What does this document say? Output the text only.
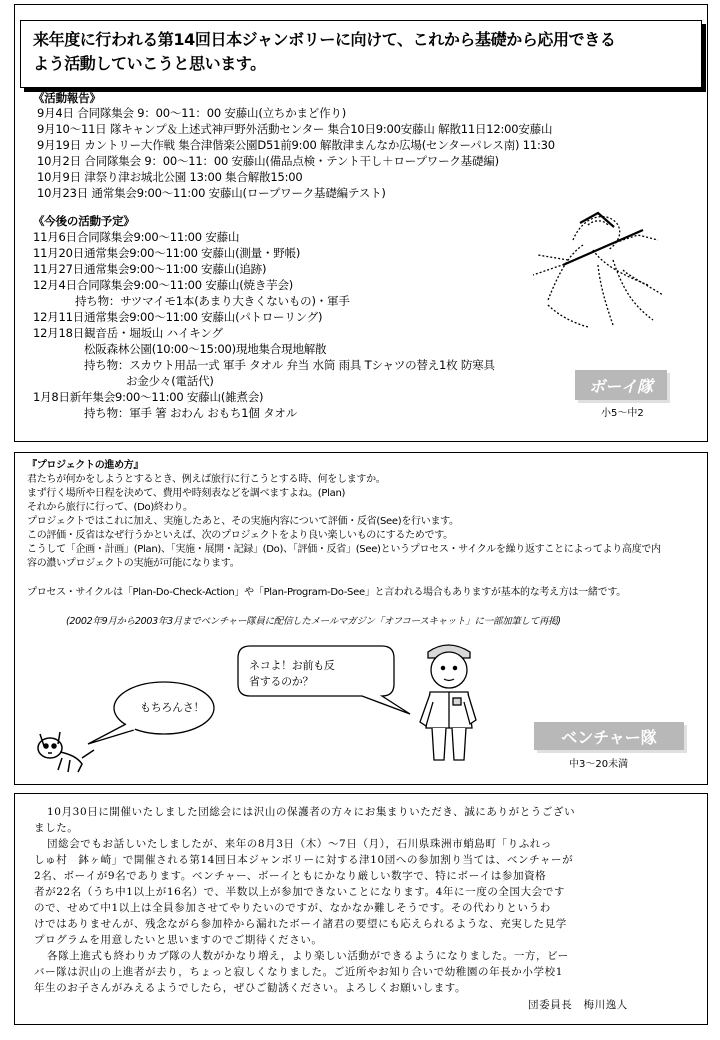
来年度に行われる第14回日本ジャンボリーに向けて、これから基礎から応用できる
よう活動していこうと思います。
《活動報告》
9月4日 合同隊集会 9：00～11：00 安藤山(立ちかまど作り)
9月10～11日 隊キャンプ＆上述式神戸野外活動センター 集合10日9:00安藤山 解散11日12:00安藤山
9月19日 カントリー大作戦 集合津偕楽公園D51前9:00 解散津まんなか広場(センターパレス南) 11:30
10月2日 合同隊集会 9：00～11：00 安藤山(備品点検・テント干し＋ロープワーク基礎編)
10月9日 津祭り津お城北公園 13:00 集合解散15:00
10月23日 通常集会9:00～11:00 安藤山(ロープワーク基礎編テスト)
《今後の活動予定》
11月6日合同隊集会9:00～11:00 安藤山
11月20日通常集会9:00～11:00 安藤山(測量・野帳)
11月27日通常集会9:00～11:00 安藤山(追跡)
12月4日合同隊集会9:00～11:00 安藤山(焼き芋会)
持ち物：サツマイモ1本(あまり大きくないもの)・軍手
12月11日通常集会9:00～11:00 安藤山(パトローリング)
12月18日観音岳・堀坂山 ハイキング
松阪森林公園(10:00～15:00)現地集合現地解散
持ち物：スカウト用品一式 軍手 タオル 弁当 水筒 雨具 Tシャツの替え1枚 防寒具
お金少々(電話代)
1月8日新年集会9:00～11:00 安藤山(雑煮会)
持ち物：軍手 箸 おわん おもち1個 タオル
ボーイ隊
小5～中2
『プロジェクトの進め方』
君たちが何かをしようとするとき、例えば旅行に行こうとする時、何をしますか。
まず行く場所や日程を決めて、費用や時刻表などを調べますよね。(Plan)
それから旅行に行って、(Do)終わり。
プロジェクトではこれに加え、実施したあと、その実施内容について評価・反省(See)を行います。
この評価・反省はなぜ行うかといえば、次のプロジェクトをより良い楽しいものにするためです。
こうして「企画・計画」(Plan)、「実施・展開・記録」(Do)、「評価・反省」(See)というプロセス・サイクルを繰り返すことによってより高度で内
容の濃いプロジェクトの実施が可能になります。
プロセス・サイクルは「Plan-Do-Check-Action」や「Plan-Program-Do-See」と言われる場合もありますが基本的な考え方は一緒です。
(2002年9月から2003年3月までベンチャー隊員に配信したメールマガジン「オフコースキャット」に一部加筆して再掲)
ネコよ！お前も反
省するのか？
もちろんさ！
ベンチャー隊
中3～20未満
10月30日に開催いたしました団総会には沢山の保護者の方々にお集まりいただき、誠にありがとうござい
ました。
団総会でもお話しいたしましたが、来年の8月3日（木）～7日（月），石川県珠洲市蛸島町「りふれっ
しゅ村　鉢ヶ崎」で開催される第14回日本ジャンボリーに対する津10団への参加割り当ては、ベンチャーが
2名、ボーイが9名であります。ベンチャー、ボーイともにかなり厳しい数字で、特にボーイは参加資格
者が22名（うち中1以上が16名）で、半数以上が参加できないことになります。4年に一度の全国大会です
ので、せめて中1以上は全員参加させてやりたいのですが、なかなか難しそうです。その代わりというわ
けではありませんが、残念ながら参加枠から漏れたボーイ諸君の要望にも応えられるような、充実した見学
プログラムを用意したいと思いますのでご期待ください。
各隊上進式も終わりカブ隊の人数がかなり増え，より楽しい活動ができるようになりました。一方，ビー
バー隊は沢山の上進者が去り，ちょっと寂しくなりました。ご近所やお知り合いで幼稚園の年長か小学校1
年生のお子さんがみえるようでしたら，ぜひご勧誘ください。よろしくお願いします。
団委員長　梅川逸人
